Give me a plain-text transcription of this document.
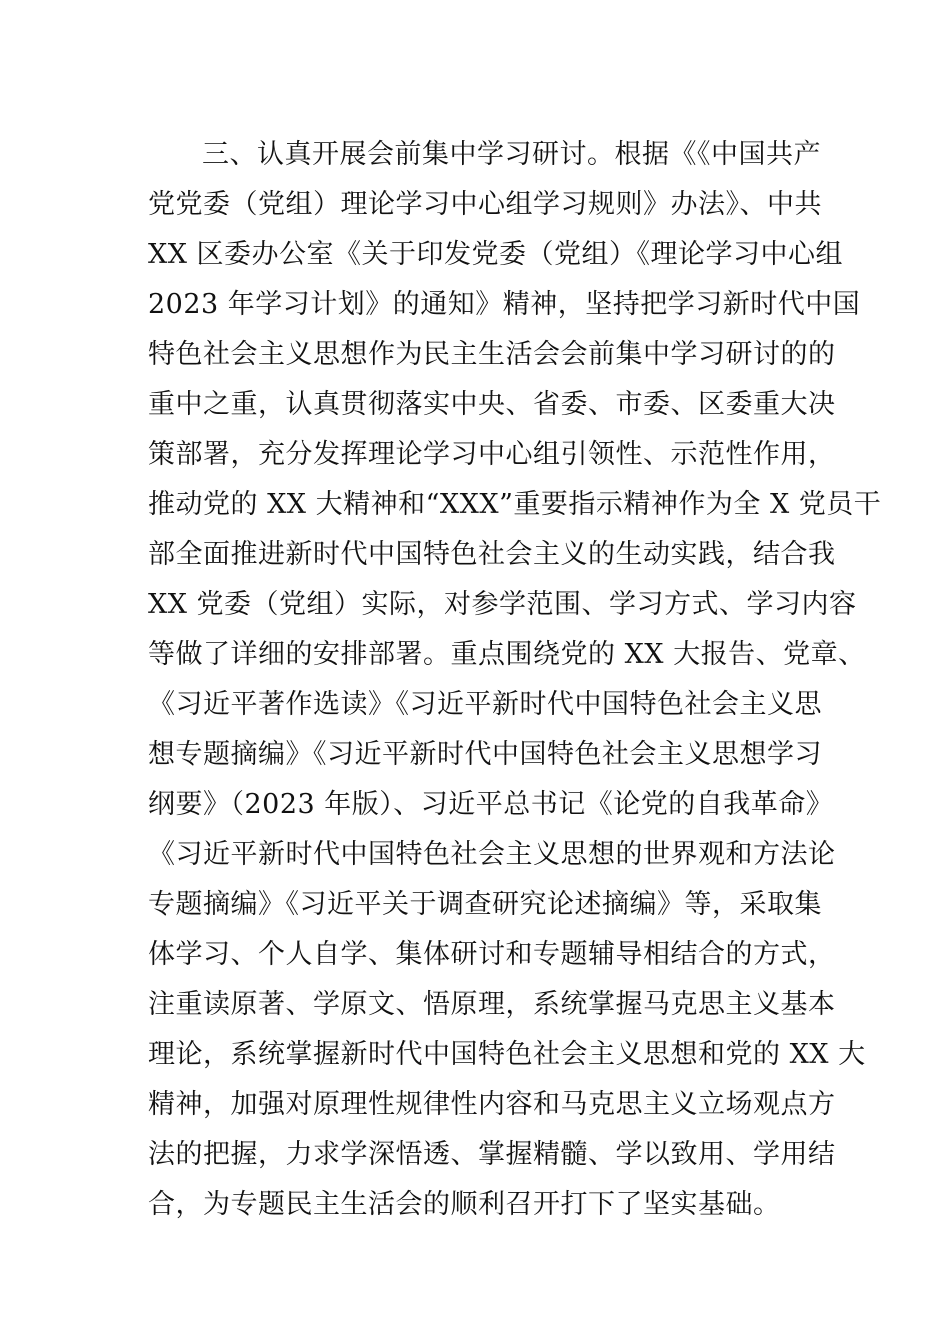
三、认真开展会前集中学习研讨。根据《《中国共产
党党委（党组）理论学习中心组学习规则》办法》、中共
XX 区委办公室《关于印发党委（党组）《理论学习中心组
2023 年学习计划》的通知》精神，坚持把学习新时代中国
特色社会主义思想作为民主生活会会前集中学习研讨的的
重中之重，认真贯彻落实中央、省委、市委、区委重大决
策部署，充分发挥理论学习中心组引领性、示范性作用，
推动党的 XX 大精神和“XXX”重要指示精神作为全 X 党员干
部全面推进新时代中国特色社会主义的生动实践，结合我
XX 党委（党组）实际，对参学范围、学习方式、学习内容
等做了详细的安排部署。重点围绕党的 XX 大报告、党章、
《习近平著作选读》《习近平新时代中国特色社会主义思
想专题摘编》《习近平新时代中国特色社会主义思想学习
纲要》（2023 年版）、习近平总书记《论党的自我革命》
《习近平新时代中国特色社会主义思想的世界观和方法论
专题摘编》《习近平关于调查研究论述摘编》等，采取集
体学习、个人自学、集体研讨和专题辅导相结合的方式，
注重读原著、学原文、悟原理，系统掌握马克思主义基本
理论，系统掌握新时代中国特色社会主义思想和党的 XX 大
精神，加强对原理性规律性内容和马克思主义立场观点方
法的把握，力求学深悟透、掌握精髓、学以致用、学用结
合，为专题民主生活会的顺利召开打下了坚实基础。
